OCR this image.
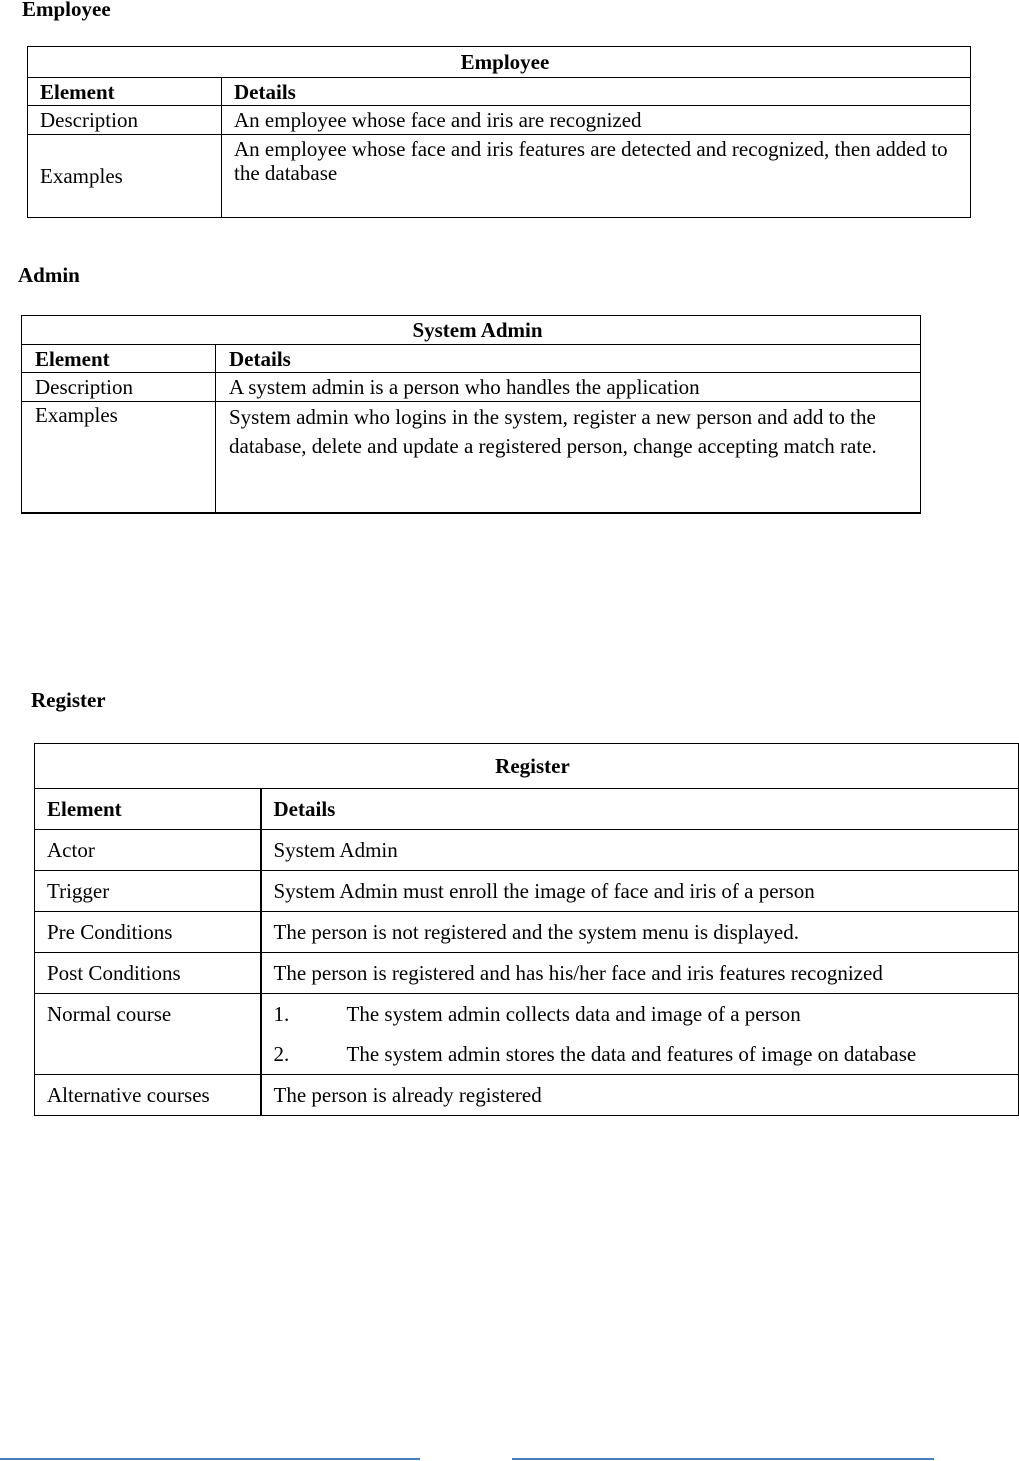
Employee

Employee	
Element	Details
Description	An employee whose face and iris are recognized
Examples	An employee whose face and iris features are detected and recognized, then added to the database

Admin

System Admin	
Element	Details
Description	A system admin is a person who handles the application
Examples	System admin who logins in the system, register a new person and add to the database, delete and update a registered person, change accepting match rate.

Register

Register	
Element	Details
Actor	System Admin
Trigger	System Admin must enroll the image of face and iris of a person
Pre Conditions	The person is not registered and the system menu is displayed.
Post Conditions	The person is registered and has his/her face and iris features recognized
Normal course	1. The system admin collects data and image of a person
2. The system admin stores the data and features of image on database

Alternative courses	The person is already registered
